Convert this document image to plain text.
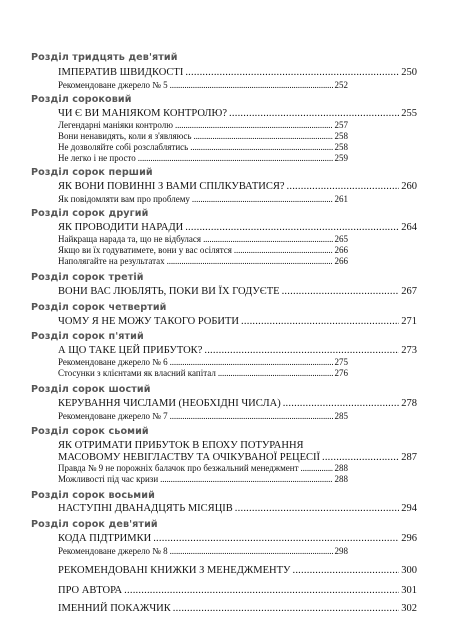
Розділ тридцять дев'ятий
ІМПЕРАТИВ ШВИДКОСТІ . . .	250
Рекомендоване джерело № 5 . . .	252
Розділ сороковий
ЧИ Є ВИ МАНІЯКОМ КОНТРОЛЮ? . . .	255
Легендарні маніяки контролю . . .	257
Вони ненавидять, коли я з'являюсь . . .	258
Не дозволяйте собі розслаблятись . . .	258
Не легко і не просто . . .	259
Розділ сорок перший
ЯК ВОНИ ПОВИННІ З ВАМИ СПІЛКУВАТИСЯ? . . .	260
Як повідомляти вам про проблему . . .	261
Розділ сорок другий
ЯК ПРОВОДИТИ НАРАДИ . . .	264
Найкраща нарада та, що не відбулася . . .	265
Якщо ви їх годуватимете, вони у вас осілятся . . .	266
Наполягайте на результатах . . .	266
Розділ сорок третій
ВОНИ ВАС ЛЮБЛЯТЬ, ПОКИ ВИ ЇХ ГОДУЄТЕ . . .	267
Розділ сорок четвертий
ЧОМУ Я НЕ МОЖУ ТАКОГО РОБИТИ . . .	271
Розділ сорок п'ятий
А ЩО ТАКЕ ЦЕЙ ПРИБУТОК? . . .	273
Рекомендоване джерело № 6 . . .	275
Стосунки з клієнтами як власний капітал . . .	276
Розділ сорок шостий
КЕРУВАННЯ ЧИСЛАМИ (НЕОБХІДНІ ЧИСЛА) . . .	278
Рекомендоване джерело № 7 . . .	285
Розділ сорок сьомий
ЯК ОТРИМАТИ ПРИБУТОК В ЕПОХУ ПОТУРАННЯ
МАСОВОМУ НЕВІГЛАСТВУ ТА ОЧІКУВАНОЇ РЕЦЕСІЇ . . .	287
Правда № 9 не порожніх балачок про безжальний менеджмент . . .	288
Можливості під час кризи . . .	288
Розділ сорок восьмий
НАСТУПНІ ДВАНАДЦЯТЬ МІСЯЦІВ . . .	294
Розділ сорок дев'ятий
КОДА ПІДТРИМКИ . . .	296
Рекомендоване джерело № 8 . . .	298
РЕКОМЕНДОВАНІ КНИЖКИ З МЕНЕДЖМЕНТУ . . .	300
ПРО АВТОРА . . .	301
ІМЕННИЙ ПОКАЖЧИК . . .	302
